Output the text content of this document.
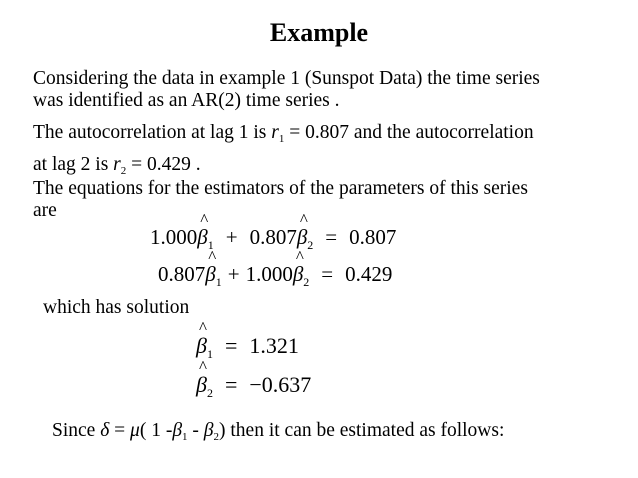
Example
Considering the data in example 1 (Sunspot Data) the time series
was identified as an AR(2) time series .
The autocorrelation at lag 1 is $r_1 = 0.807$ and the autocorrelation
at lag 2 is $r_2 = 0.429$ .
The equations for the estimators of the parameters of this series
are
1.000^ $\beta_1$ + 0.807^ $\beta_2 = 0.807$
0.807^ $\beta_1$ + 1.000^ $\beta_2 = 0.429$
which has solution
^ $\beta_1 = 1.321$
^ $\beta_2 = -0.637$
Since δ = μ( 1 $-\beta_1 - \beta_2$) then it can be estimated as follows:
